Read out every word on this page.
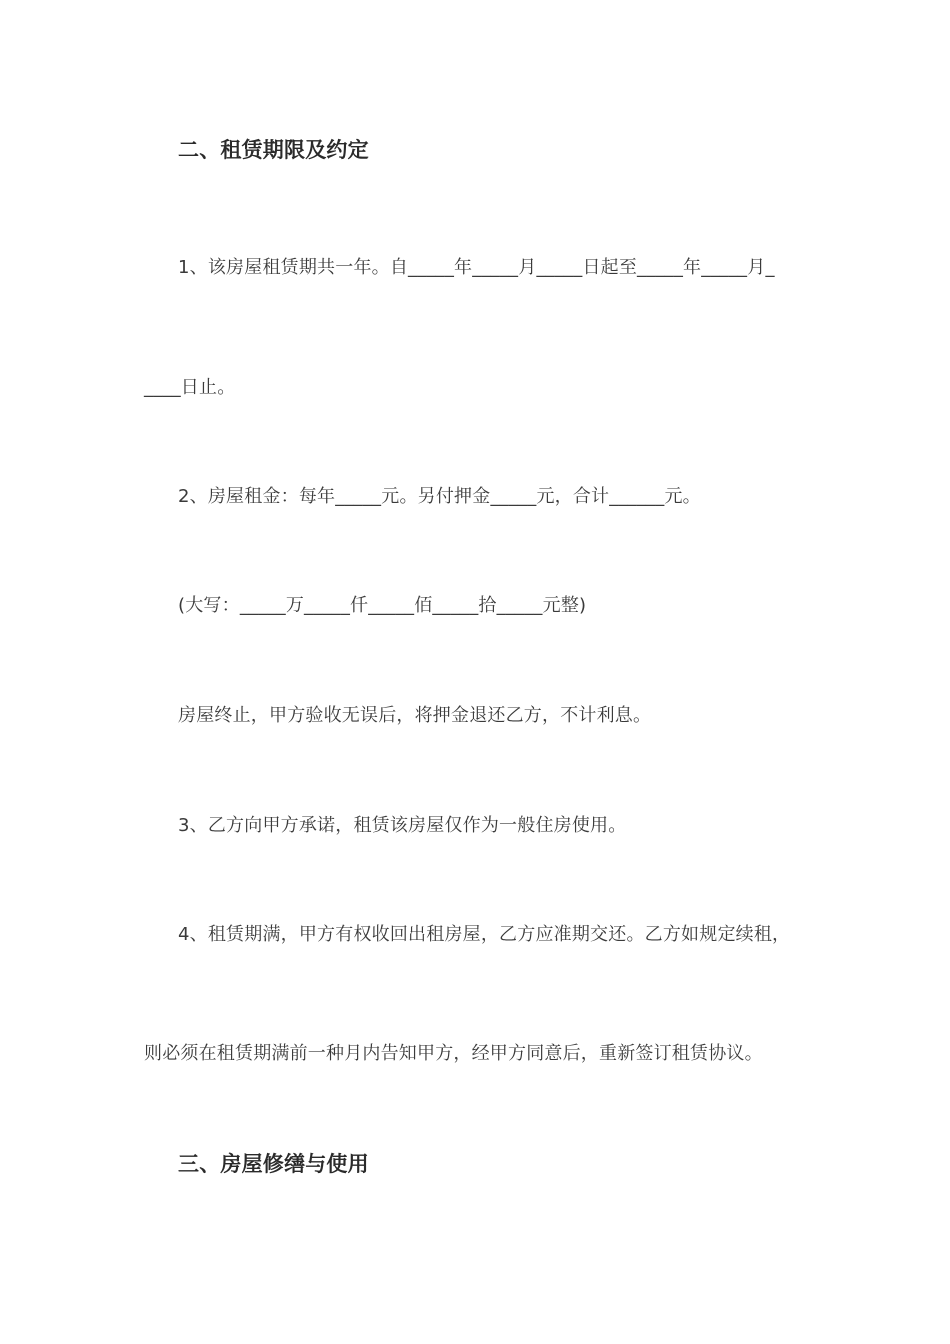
二、租赁期限及约定
1、该房屋租赁期共一年。自_____年_____月_____日起至_____年_____月_
____日止。
2、房屋租金：每年_____元。另付押金_____元，合计______元。
(大写：_____万_____仟_____佰_____拾_____元整)
房屋终止，甲方验收无误后，将押金退还乙方，不计利息。
3、乙方向甲方承诺，租赁该房屋仅作为一般住房使用。
4、租赁期满，甲方有权收回出租房屋，乙方应准期交还。乙方如规定续租，
则必须在租赁期满前一种月内告知甲方，经甲方同意后，重新签订租赁协议。
三、房屋修缮与使用
